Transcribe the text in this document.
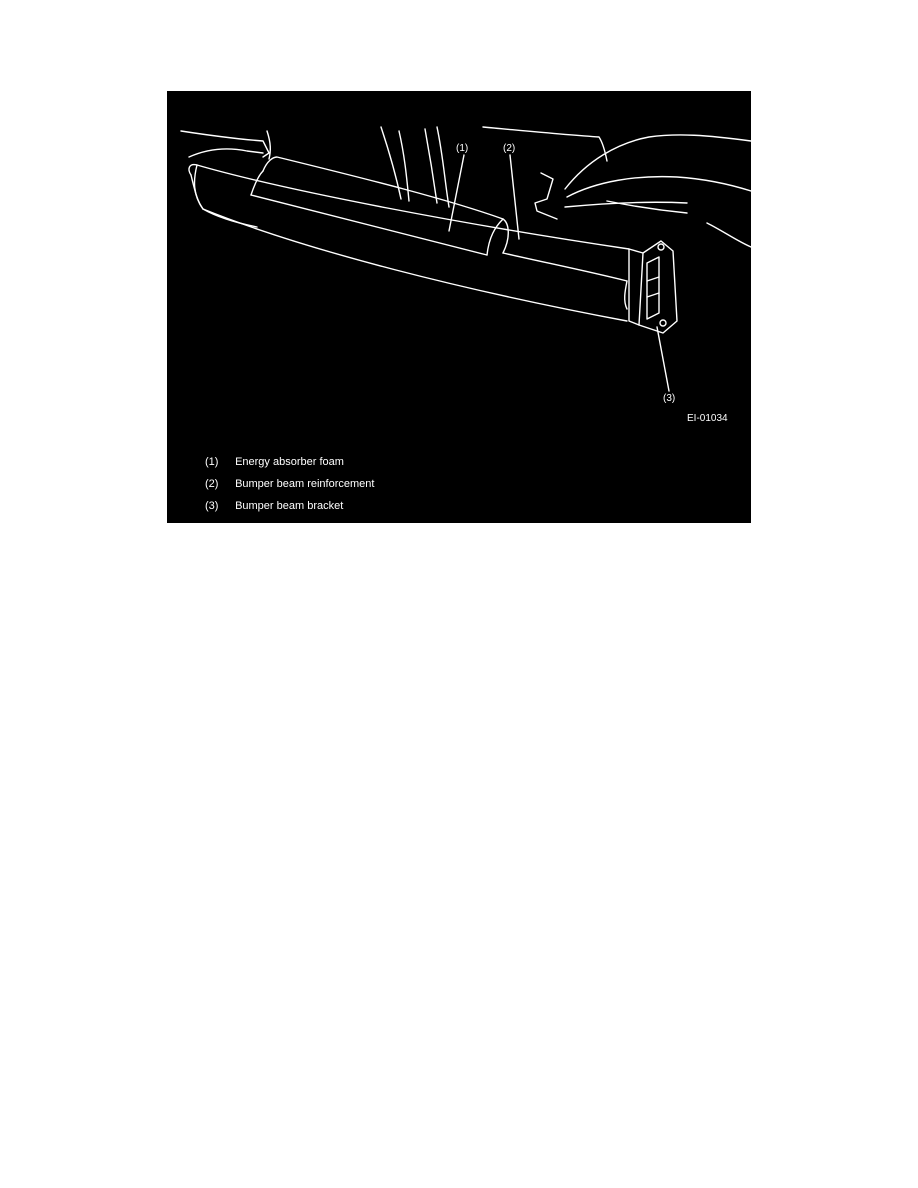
(1)	(2)
(3)
EI-01034
(1) Energy absorber foam
(2) Bumper beam reinforcement
(3) Bumper beam bracket
